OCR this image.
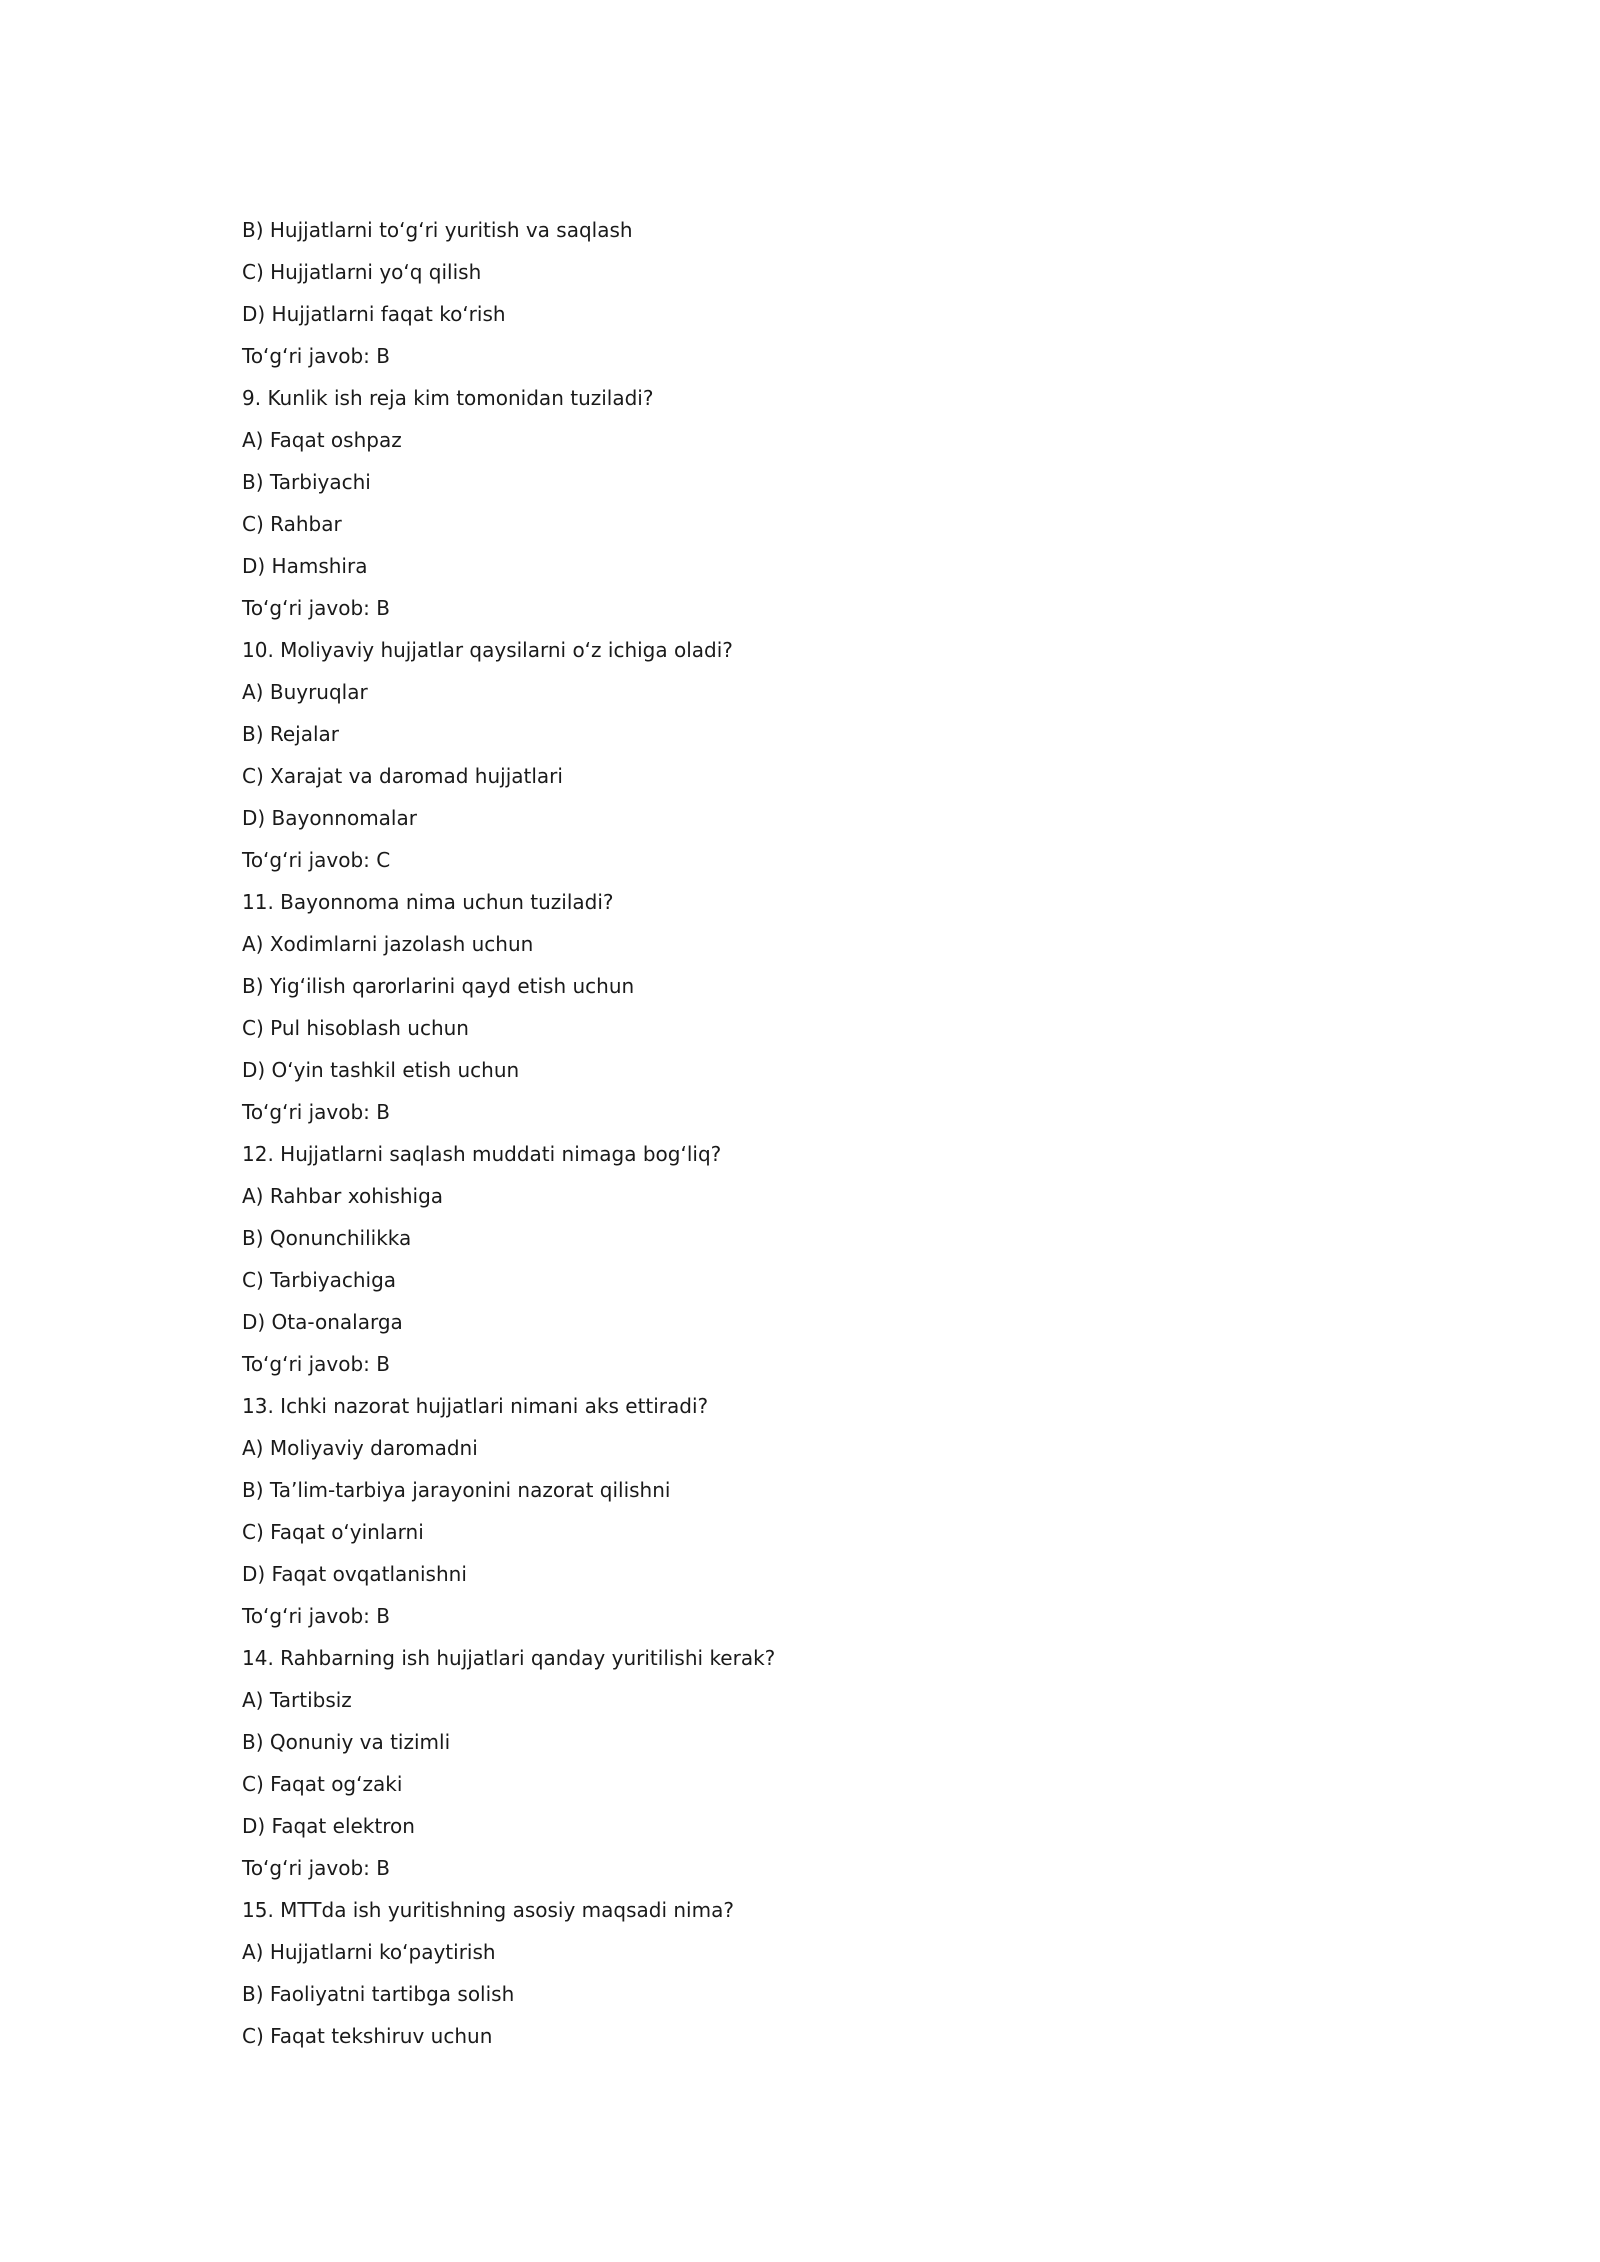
B) Hujjatlarni to‘g‘ri yuritish va saqlash
C) Hujjatlarni yo‘q qilish
D) Hujjatlarni faqat ko‘rish
To‘g‘ri javob: B
9. Kunlik ish reja kim tomonidan tuziladi?
A) Faqat oshpaz
B) Tarbiyachi
C) Rahbar
D) Hamshira
To‘g‘ri javob: B
10. Moliyaviy hujjatlar qaysilarni o‘z ichiga oladi?
A) Buyruqlar
B) Rejalar
C) Xarajat va daromad hujjatlari
D) Bayonnomalar
To‘g‘ri javob: C
11. Bayonnoma nima uchun tuziladi?
A) Xodimlarni jazolash uchun
B) Yig‘ilish qarorlarini qayd etish uchun
C) Pul hisoblash uchun
D) O‘yin tashkil etish uchun
To‘g‘ri javob: B
12. Hujjatlarni saqlash muddati nimaga bog‘liq?
A) Rahbar xohishiga
B) Qonunchilikka
C) Tarbiyachiga
D) Ota-onalarga
To‘g‘ri javob: B
13. Ichki nazorat hujjatlari nimani aks ettiradi?
A) Moliyaviy daromadni
B) Ta’lim-tarbiya jarayonini nazorat qilishni
C) Faqat o‘yinlarni
D) Faqat ovqatlanishni
To‘g‘ri javob: B
14. Rahbarning ish hujjatlari qanday yuritilishi kerak?
A) Tartibsiz
B) Qonuniy va tizimli
C) Faqat og‘zaki
D) Faqat elektron
To‘g‘ri javob: B
15. MTTda ish yuritishning asosiy maqsadi nima?
A) Hujjatlarni ko‘paytirish
B) Faoliyatni tartibga solish
C) Faqat tekshiruv uchun
